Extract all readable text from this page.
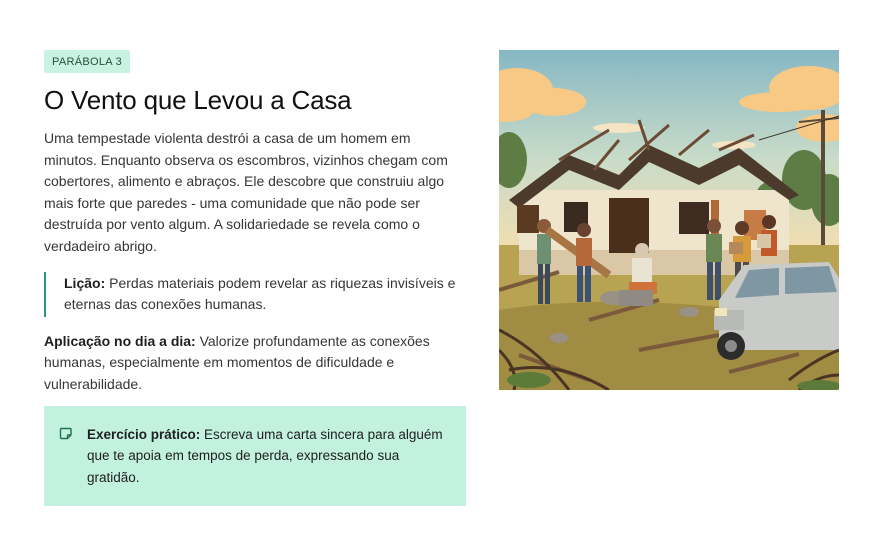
PARÁBOLA 3
O Vento que Levou a Casa

Uma tempestade violenta destrói a casa de um homem em minutos. Enquanto observa os escombros, vizinhos chegam com cobertores, alimento e abraços. Ele descobre que construiu algo mais forte que paredes - uma comunidade que não pode ser destruída por vento algum. A solidariedade se revela como o verdadeiro abrigo.

Lição: Perdas materiais podem revelar as riquezas invisíveis e eternas das conexões humanas.
Aplicação no dia a dia: Valorize profundamente as conexões humanas, especialmente em momentos de dificuldade e vulnerabilidade.
Exercício prático: Escreva uma carta sincera para alguém que te apoia em tempos de perda, expressando sua gratidão.
